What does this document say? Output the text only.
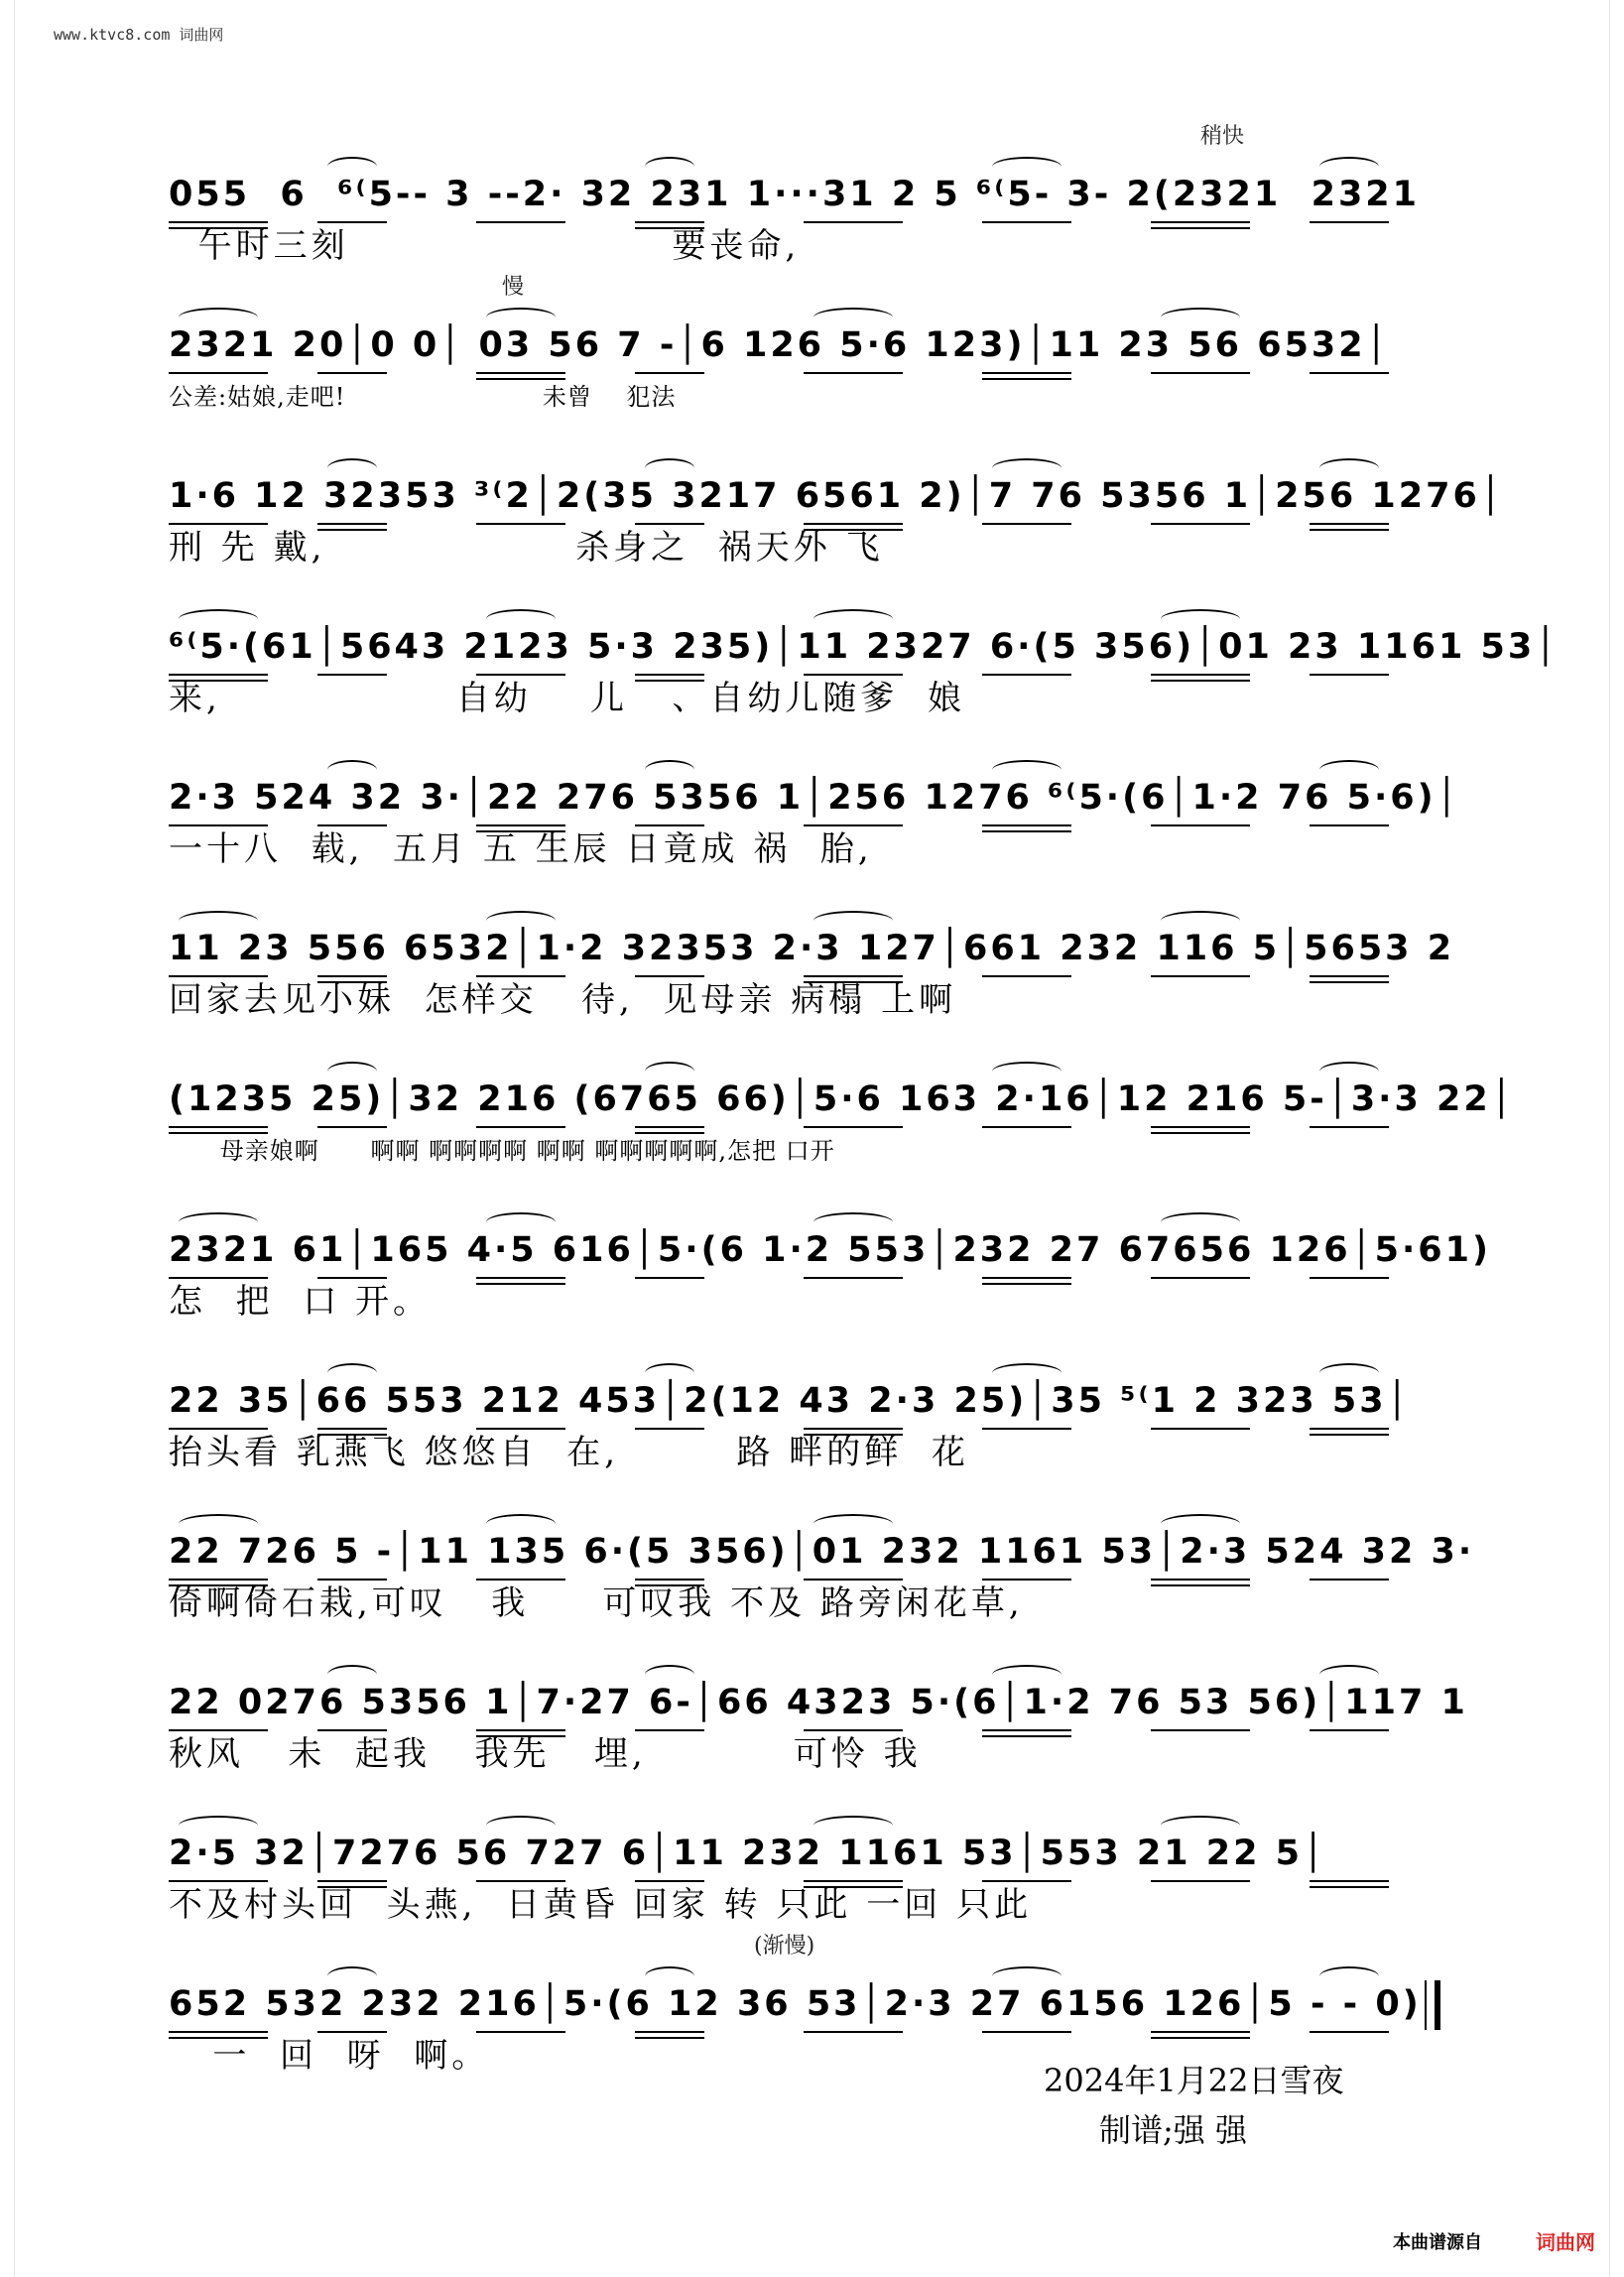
www.ktvc8.com 词曲网
稍快
055  6  ⁶⁽5-- 3 --2· 32 231 1···31 2 5 ⁶⁽5- 3- 2(2321  2321
午时三刻                      要丧命,
慢
2321 20│0 0│ 03 56 7 -│6 126 5·6 123)│11 23 56 6532│
公差:姑娘,走吧!                       未曾    犯法
1·6 12 32353 ³⁽2│2(35 3217 6561 2)│7 76 5356 1│256 1276│
刑 先 戴,                 杀身之  祸天外 飞
⁶⁽5·(61│5643 2123 5·3 235)│11 2327 6·(5 356)│01 23 1161 53│
来,                自幼    儿   、自幼儿随爹  娘
2·3 524 32 3·│22 276 5356 1│256 1276 ⁶⁽5·(6│1·2 76 5·6)│
一十八  载,  五月 五 生辰 日竟成 祸  胎,
11 23 556 6532│1·2 32353 2·3 127│661 232 116 5│5653 2
回家去见小妹  怎样交   待,  见母亲 病榻 上啊
(1235 25)│32 216 (6765 66)│5·6 163 2·16│12 216 5-│3·3 22│
母亲娘啊      啊啊 啊啊啊啊 啊啊 啊啊啊啊啊,怎把 口开
2321 61│165 4·5 616│5·(6 1·2 553│232 27 67656 126│5·61)
怎  把  口 开。
22 35│66 553 212 453│2(12 43 2·3 25)│35 ⁵⁽1 2 323 53│
抬头看 乳燕飞 悠悠自  在,        路 畔的鲜  花
22 726 5 -│11 135 6·(5 356)│01 232 1161 53│2·3 524 32 3·
倚啊倚石栽,可叹   我     可叹我 不及 路旁闲花草,
22 0276 5356 1│7·27 6-│66 4323 5·(6│1·2 76 53 56)│117 1
秋风   未  起我   我先   埋,          可怜 我
2·5 32│7276 56 727 6│11 232 1161 53│553 21 22 5│
不及村头回  头燕,  日黄昏 回家 转 只此 一回 只此
(渐慢)
652 532 232 216│5·(6 12 36 53│2·3 27 6156 126│5 - - 0)
一  回  呀  啊。
2024年1月22日雪夜
制谱;强 强
本曲谱源自	词曲网
